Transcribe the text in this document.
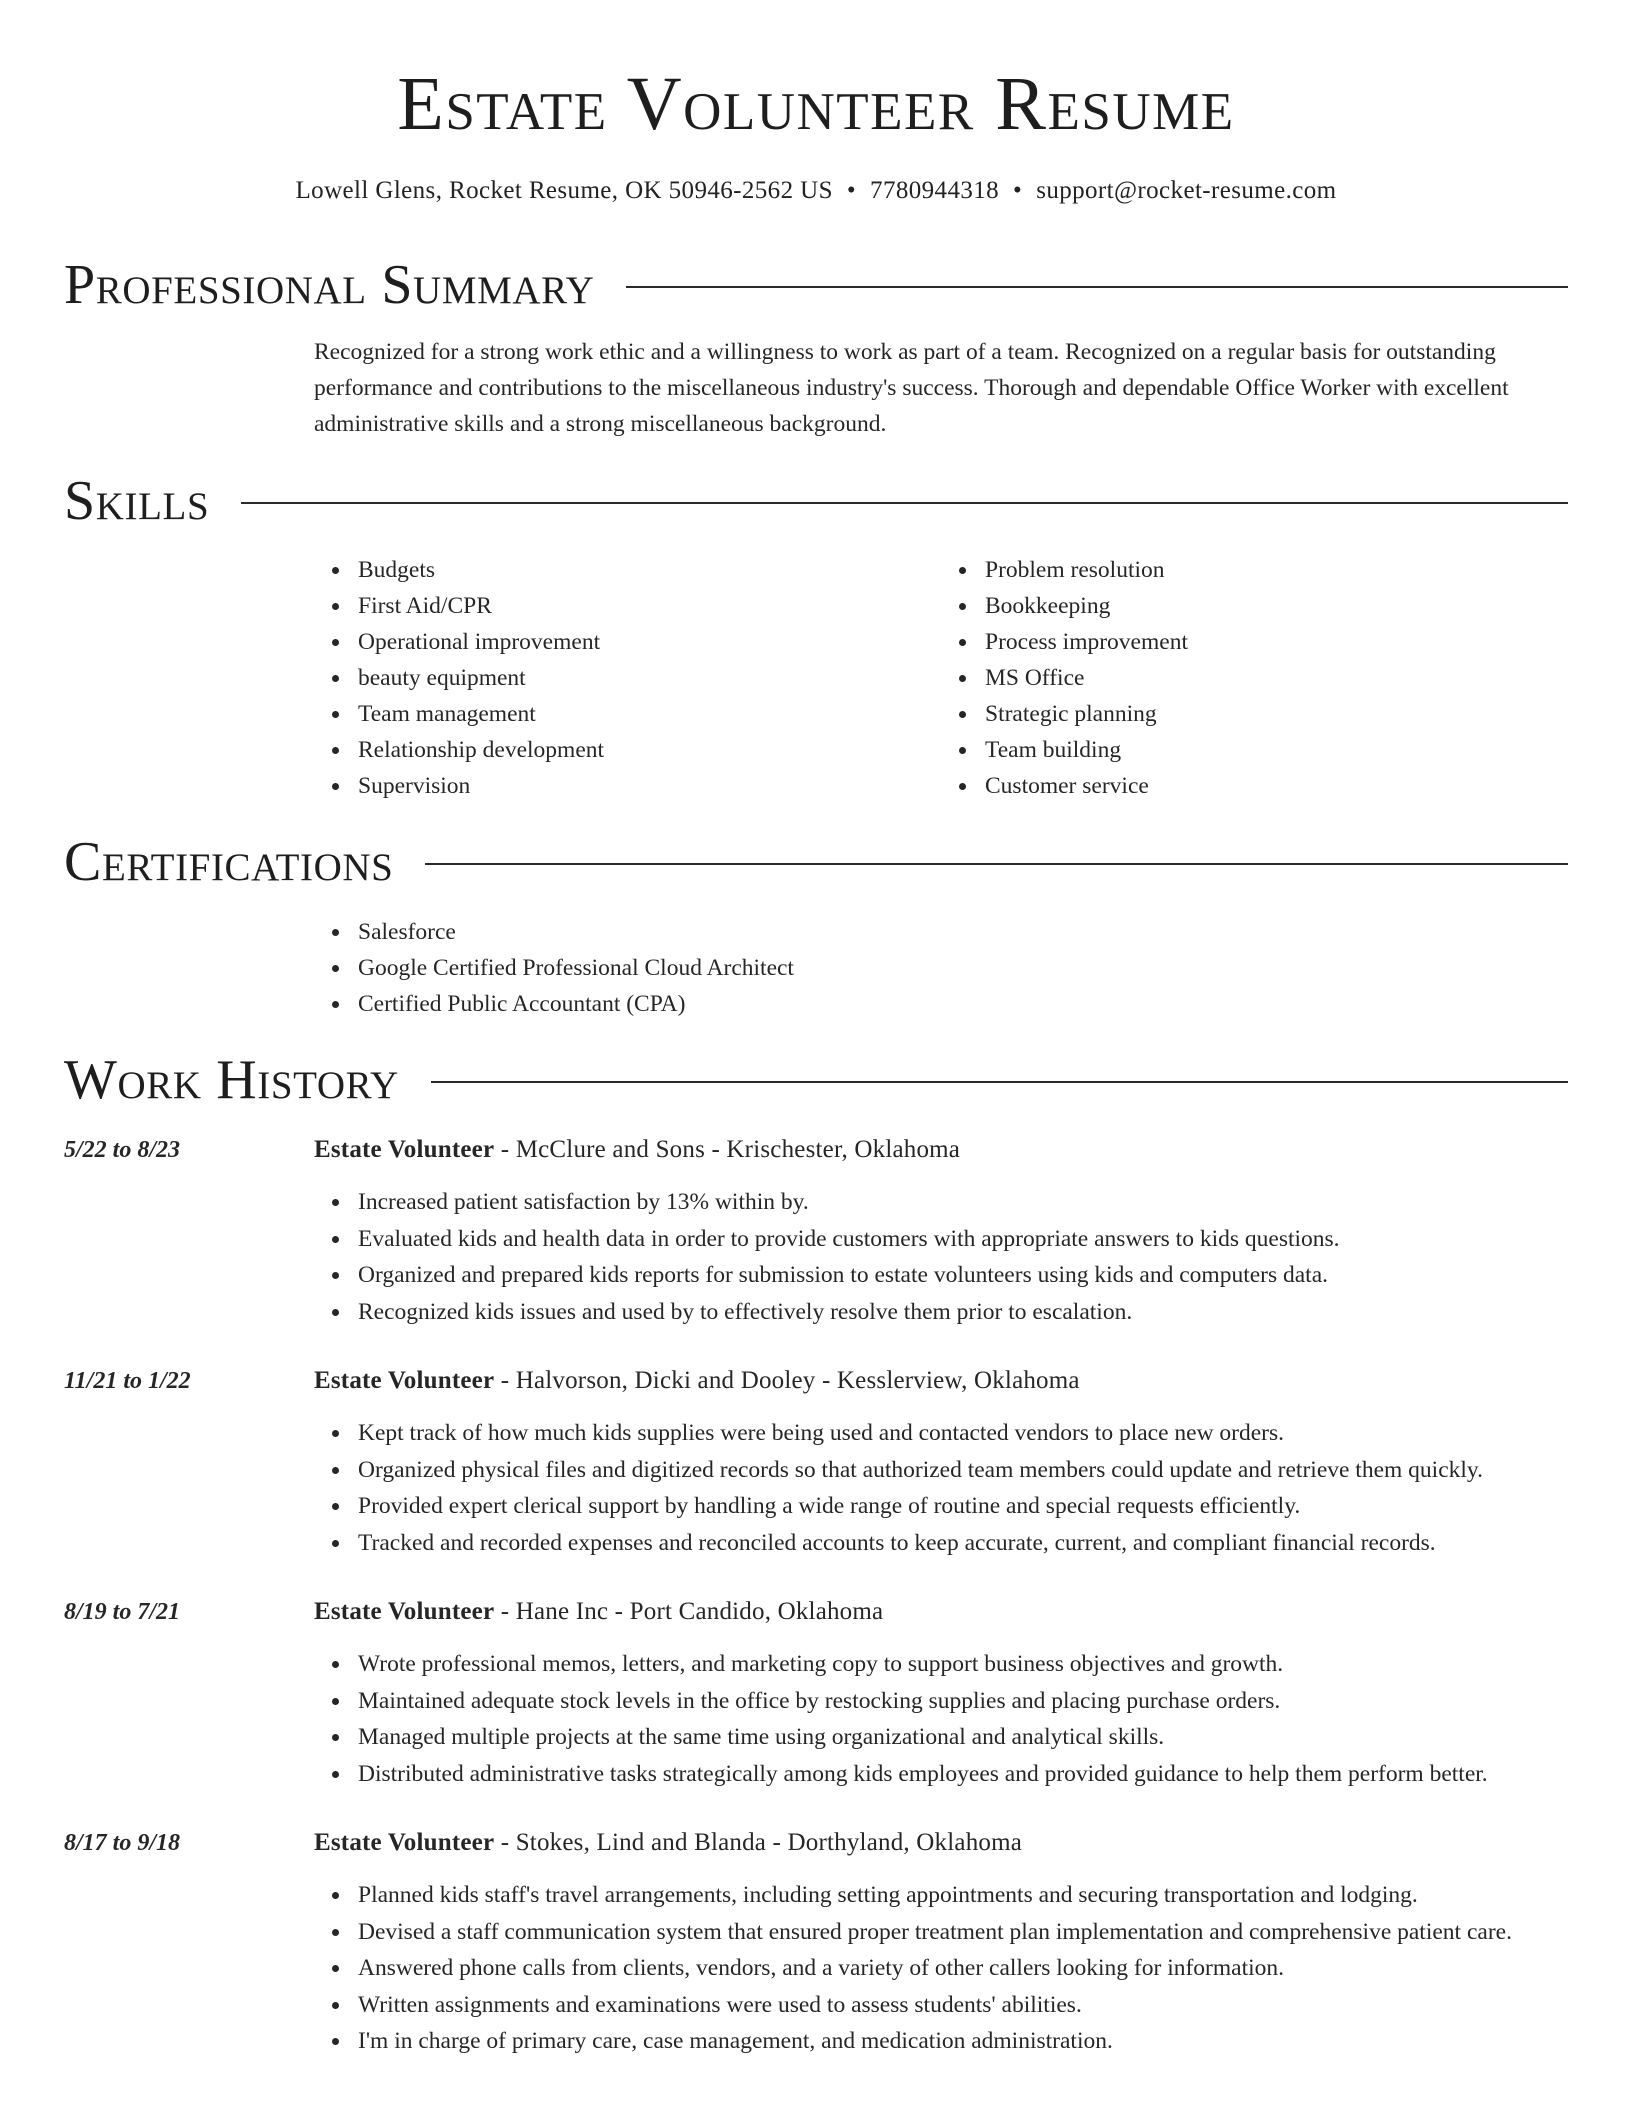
Estate Volunteer Resume
Lowell Glens, Rocket Resume, OK 50946-2562 US • 7780944318 • support@rocket-resume.com
Professional Summary

Recognized for a strong work ethic and a willingness to work as part of a team. Recognized on a regular basis for outstanding performance and contributions to the miscellaneous industry's success. Thorough and dependable Office Worker with excellent administrative skills and a strong miscellaneous background.

Skills
Budgets
First Aid/CPR
Operational improvement
beauty equipment
Team management
Relationship development
Supervision
Problem resolution
Bookkeeping
Process improvement
MS Office
Strategic planning
Team building
Customer service
Certifications
Salesforce
Google Certified Professional Cloud Architect
Certified Public Accountant (CPA)
Work History
5/22 to 8/23	Estate Volunteer - McClure and Sons - Krischester, Oklahoma
Increased patient satisfaction by 13% within by.
Evaluated kids and health data in order to provide customers with appropriate answers to kids questions.
Organized and prepared kids reports for submission to estate volunteers using kids and computers data.
Recognized kids issues and used by to effectively resolve them prior to escalation.
11/21 to 1/22	Estate Volunteer - Halvorson, Dicki and Dooley - Kesslerview, Oklahoma
Kept track of how much kids supplies were being used and contacted vendors to place new orders.
Organized physical files and digitized records so that authorized team members could update and retrieve them quickly.
Provided expert clerical support by handling a wide range of routine and special requests efficiently.
Tracked and recorded expenses and reconciled accounts to keep accurate, current, and compliant financial records.
8/19 to 7/21	Estate Volunteer - Hane Inc - Port Candido, Oklahoma
Wrote professional memos, letters, and marketing copy to support business objectives and growth.
Maintained adequate stock levels in the office by restocking supplies and placing purchase orders.
Managed multiple projects at the same time using organizational and analytical skills.
Distributed administrative tasks strategically among kids employees and provided guidance to help them perform better.
8/17 to 9/18	Estate Volunteer - Stokes, Lind and Blanda - Dorthyland, Oklahoma
Planned kids staff's travel arrangements, including setting appointments and securing transportation and lodging.
Devised a staff communication system that ensured proper treatment plan implementation and comprehensive patient care.
Answered phone calls from clients, vendors, and a variety of other callers looking for information.
Written assignments and examinations were used to assess students' abilities.
I'm in charge of primary care, case management, and medication administration.
